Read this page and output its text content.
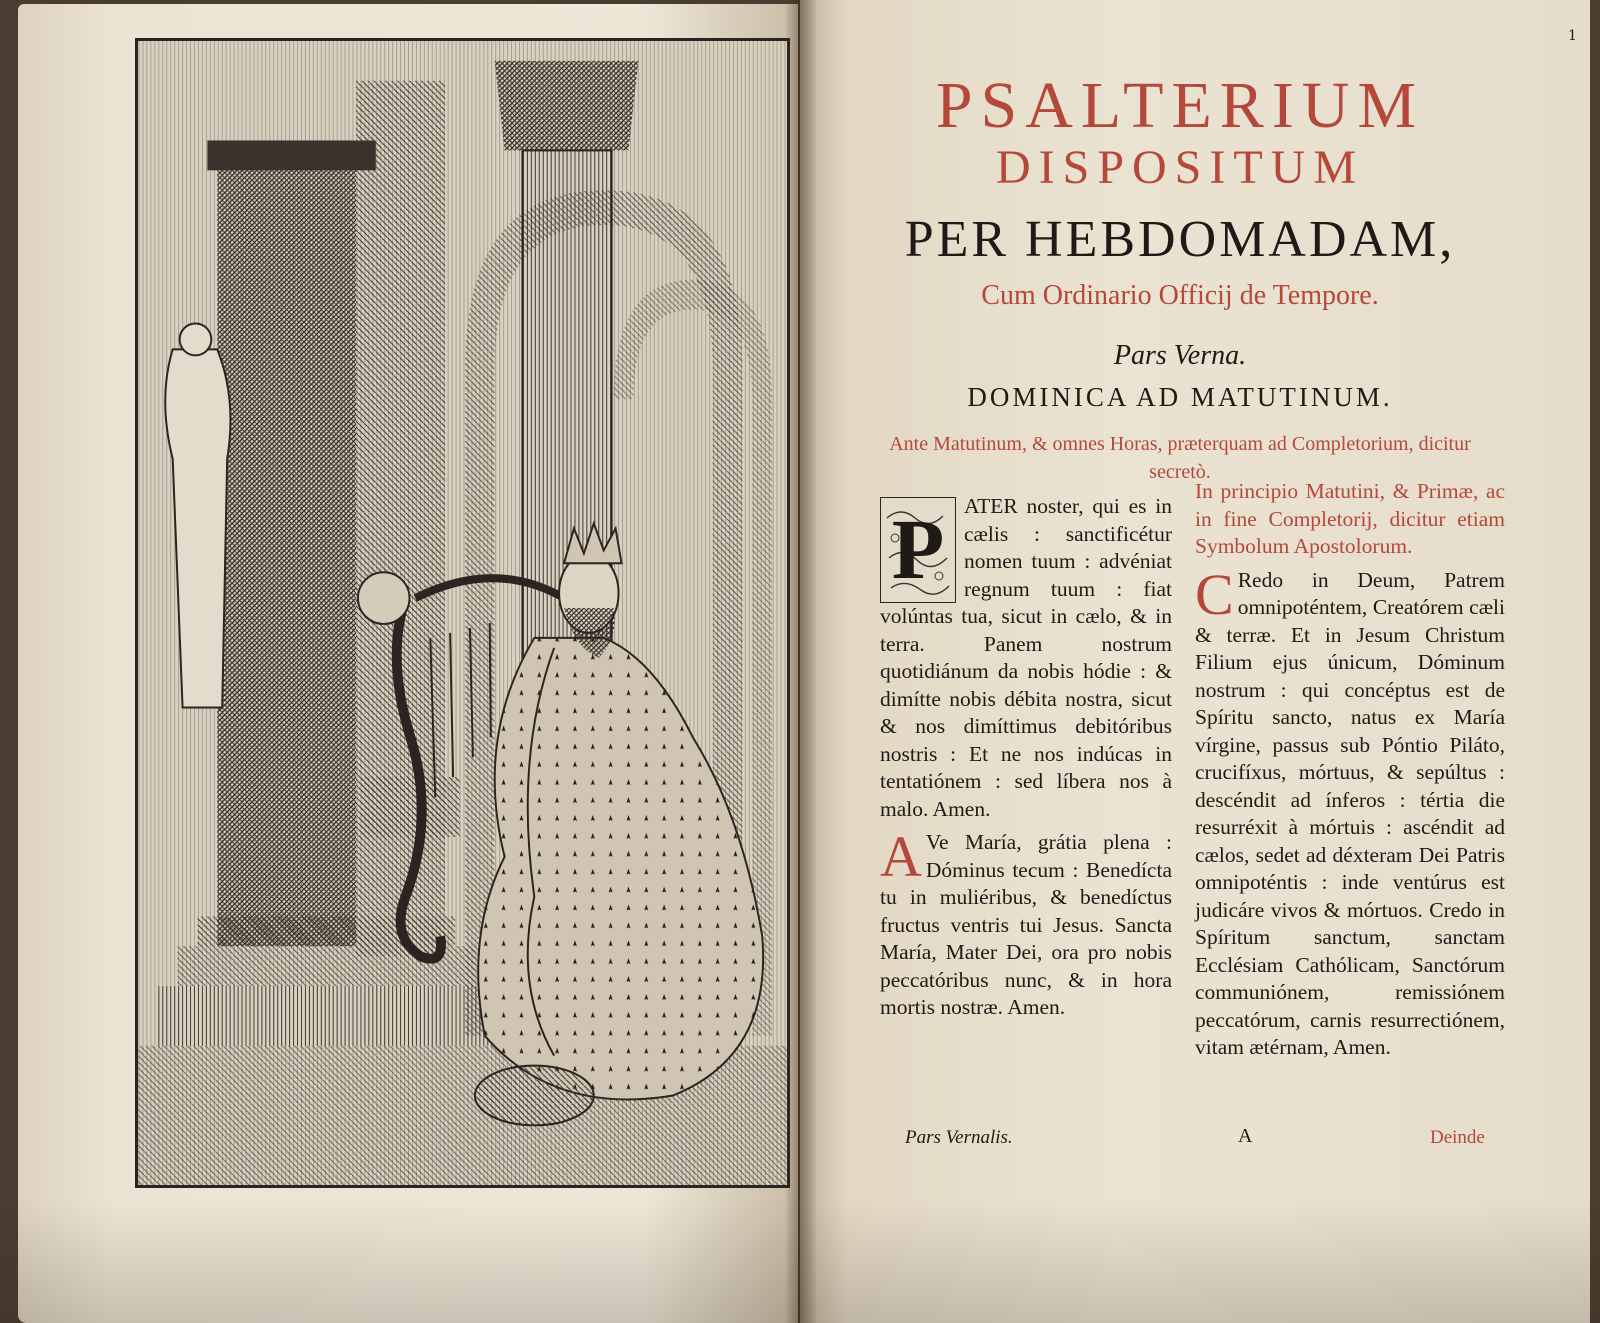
1
PSALTERIUM
DISPOSITUM
PER HEBDOMADAM,
Cum Ordinario Officij de Tempore.
Pars Verna.
DOMINICA AD MATUTINUM.
Ante Matutinum, & omnes Horas, præterquam ad Completorium, dicitur secretò.

P ATER noster, qui es in cælis : sanctificétur nomen tuum : advéniat regnum tuum : fiat volúntas tua, sicut in cælo, & in terra. Panem nostrum quotidiánum da nobis hódie : & dimítte nobis débita nostra, sicut & nos dimíttimus debitóribus nostris : Et ne nos indúcas in tentatiónem : sed líbera nos à malo. Amen.

A Ve María, grátia plena : Dóminus tecum : Benedícta tu in muliéribus, & benedíctus fructus ventris tui Jesus. Sancta María, Mater Dei, ora pro nobis peccatóribus nunc, & in hora mortis nostræ. Amen.

In principio Matutini, & Primæ, ac in fine Completorij, dicitur etiam Symbolum Apostolorum.

C Redo in Deum, Patrem omnipoténtem, Creatórem cæli & terræ. Et in Jesum Christum Filium ejus únicum, Dóminum nostrum : qui concéptus est de Spíritu sancto, natus ex María vírgine, passus sub Póntio Piláto, crucifíxus, mórtuus, & sepúltus : descéndit ad ínferos : tértia die resurréxit à mórtuis : ascéndit ad cælos, sedet ad déxteram Dei Patris omnipoténtis : inde ventúrus est judicáre vivos & mórtuos. Credo in Spíritum sanctum, sanctam Ecclésiam Cathólicam, Sanctórum communiónem, remissiónem peccatórum, carnis resurrectiónem, vitam ætérnam, Amen.

Pars Vernalis.	A	Deinde
